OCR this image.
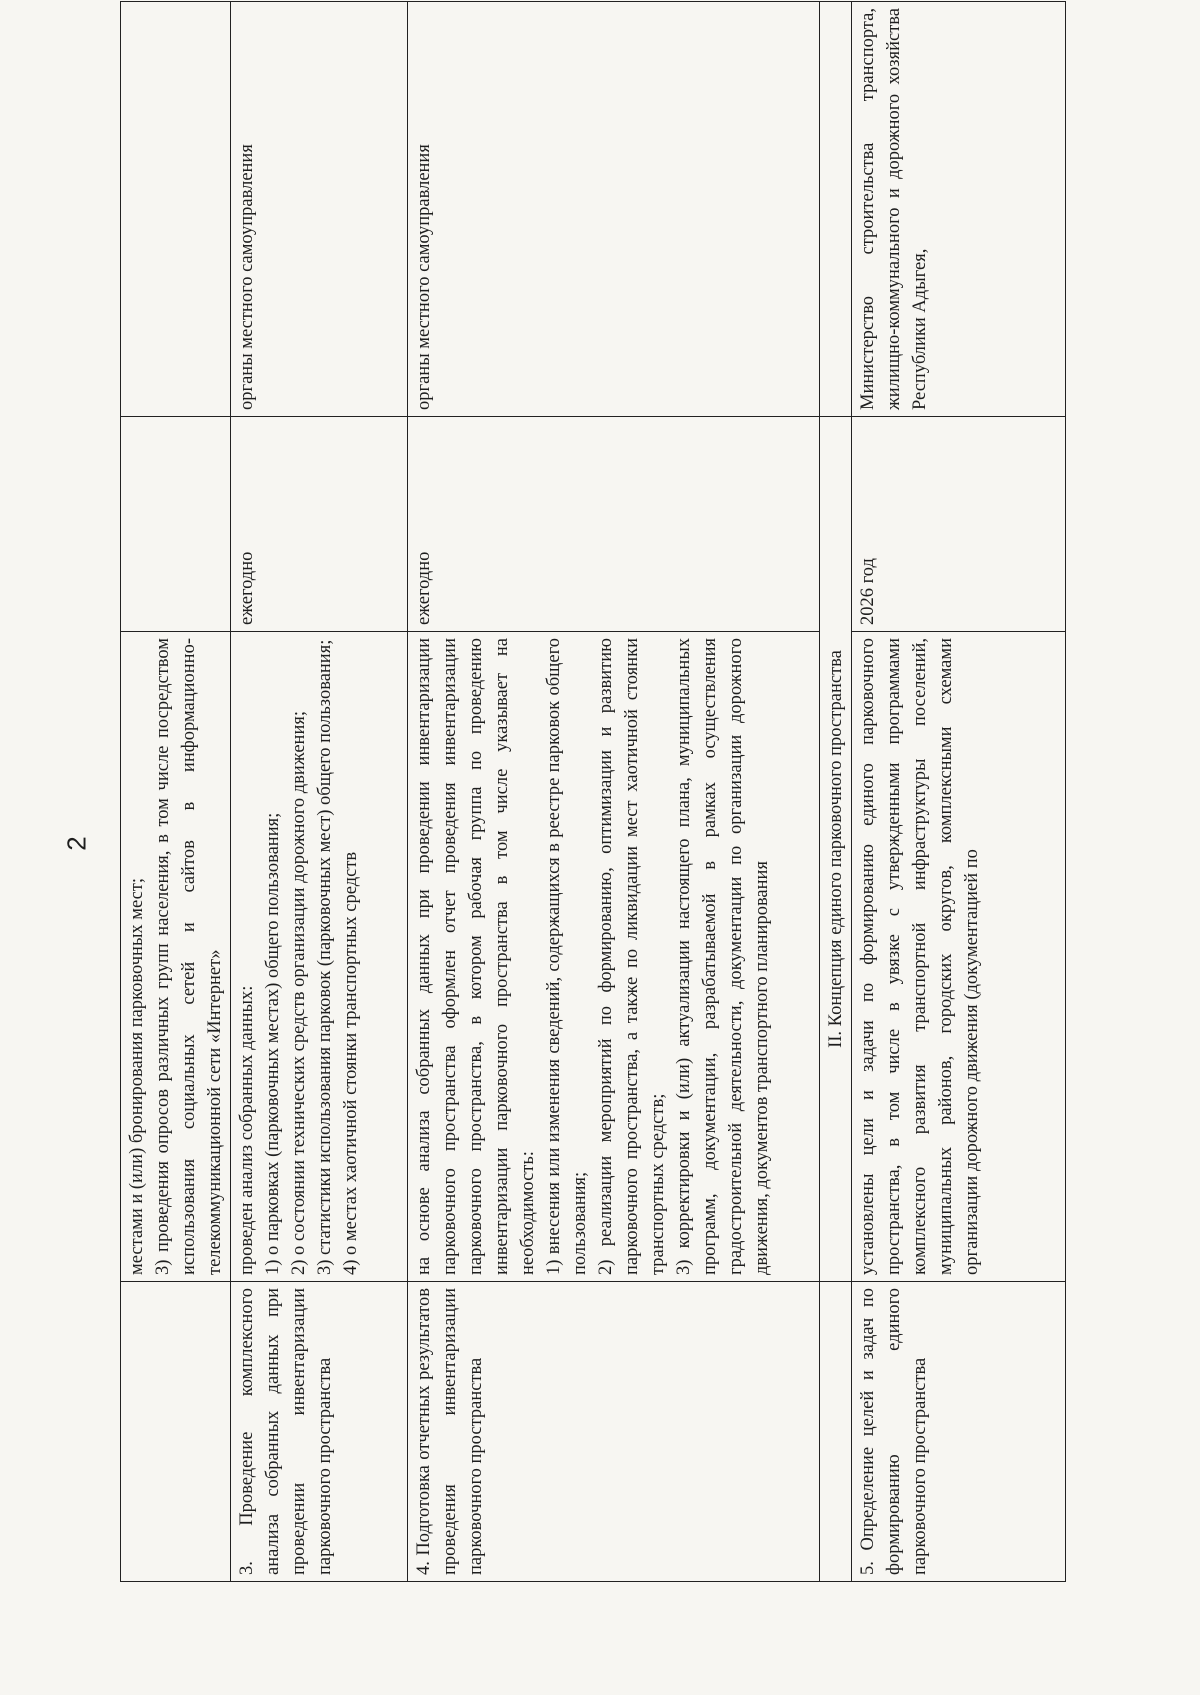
2

	местами и (или) бронирования парковочных мест; 3) проведения опросов различных групп населения, в том числе посредством использования социальных сетей и сайтов в информационно-телекоммуникационной сети «Интернет»		

3. Проведение комплексного анализа собранных данных при проведении инвентаризации парковочного пространства	проведен анализ собранных данных: 1) о парковках (парковочных местах) общего пользования; 2) о состоянии технических средств организации дорожного движения; 3) статистики использования парковок (парковочных мест) общего пользования; 4) о местах хаотичной стоянки транспортных средств	ежегодно	органы местного самоуправления
4. Подготовка отчетных результатов проведения инвентаризации парковочного пространства	на основе анализа собранных данных при проведении инвентаризации парковочного пространства оформлен отчет проведения инвентаризации парковочного пространства, в котором рабочая группа по проведению инвентаризации парковочного пространства в том числе указывает на необходимость: 1) внесения или изменения сведений, содержащихся в реестре парковок общего пользования; 2) реализации мероприятий по формированию, оптимизации и развитию парковочного пространства, а также по ликвидации мест хаотичной стоянки транспортных средств; 3) корректировки и (или) актуализации настоящего плана, муниципальных программ, документации, разрабатываемой в рамках осуществления градостроительной деятельности, документации по организации дорожного движения, документов транспортного планирования	ежегодно	органы местного самоуправления
	II. Концепция единого парковочного пространства		
5. Определение целей и задач по формированию единого парковочного пространства	установлены цели и задачи по формированию единого парковочного пространства, в том числе в увязке с утвержденными программами комплексного развития транспортной инфраструктуры поселений, муниципальных районов, городских округов, комплексными схемами организации дорожного движения (документацией по	2026 год	Министерство строительства транспорта, жилищно-коммунального и дорожного хозяйства Республики Адыгея,
